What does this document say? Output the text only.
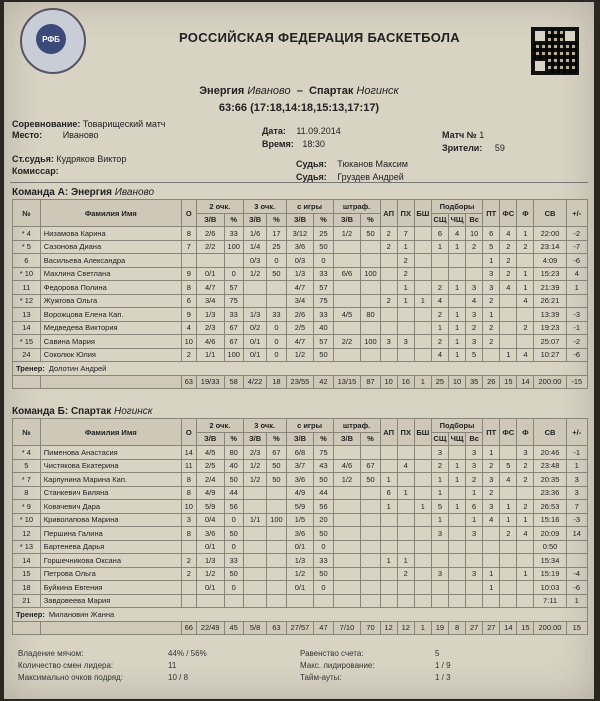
РФБ	РОССИЙСКАЯ ФЕДЕРАЦИЯ БАСКЕТБОЛА
Энергия Иваново – Спартак Ногинск
63:66 (17:18,14:18,15:13,17:17)
Соревнование: Товарищеский матч
Место: Иваново	Дата: 11.09.2014
Время: 18:30
Матч № 1
Зрители: 59
Ст.судья: Кудряков Виктор
Комиссар:
Судья: Тюканов Максим
Судья: Груздев Андрей
Команда А: Энергия Иваново
№	Фамилия Имя	О	2 очк.		3 очк.		с игры		штраф.		АП	ПХ	БШ	Подборы			ПТ	ФС	Ф	СВ	+/-
			З/В	%	З/В	%	З/В	%	З/В	%				СЩ	ЧЩ	Вс					
* 4	Низамова Карина	8	2/6	33	1/6	17	3/12	25	1/2	50	2	7		6	4	10	6	4	1	22:00	-2
* 5	Сазонова Диана	7	2/2	100	1/4	25	3/6	50			2	1		1	1	2	5	2	2	23:14	-7
6	Васильева Александра				0/3	0	0/3	0				2					1	2		4:09	-6
* 10	Махлина Светлана	9	0/1	0	1/2	50	1/3	33	6/6	100		2					3	2	1	15:23	4
11	Федорова Полина	8	4/7	57			4/7	57				1		2	1	3	3	4	1	21:39	1
* 12	Жужгова Ольга	6	3/4	75			3/4	75			2	1	1	4		4	2		4	26:21	
13	Ворожцова Елена Кап.	9	1/3	33	1/3	33	2/6	33	4/5	80				2	1	3	1			13:39	-3
14	Медведева Виктория	4	2/3	67	0/2	0	2/5	40						1	1	2	2		2	19:23	-1
* 15	Савина Мария	10	4/6	67	0/1	0	4/7	57	2/2	100	3	3		2	1	3	2			25:07	-2
24	Соколюк Юлия	2	1/1	100	0/1	0	1/2	50						4	1	5		1	4	10:27	-6
Тренер: Долотин Андрей																					
		63	19/33	58	4/22	18	23/55	42	13/15	87	10	16	1	25	10	35	26	15	14	200:00	-15
Команда Б: Спартак Ногинск
№	Фамилия Имя	О	2 очк.		3 очк.		с игры		штраф.		АП	ПХ	БШ	Подборы			ПТ	ФС	Ф	СВ	+/-
			З/В	%	З/В	%	З/В	%	З/В	%				СЩ	ЧЩ	Вс					
* 4	Пименова Анастасия	14	4/5	80	2/3	67	6/8	75						3		3	1		3	20:46	-1
5	Чистякова Екатерина	11	2/5	40	1/2	50	3/7	43	4/6	67		4		2	1	3	2	5	2	23:48	1
* 7	Карпунина Марина Кап.	8	2/4	50	1/2	50	3/6	50	1/2	50	1			1	1	2	3	4	2	20:35	3
8	Станкевич Биляна	8	4/9	44			4/9	44			6	1		1		1	2			23:36	3
* 9	Ковачевич Дара	10	5/9	56			5/9	56			1		1	5	1	6	3	1	2	26:53	7
* 10	Криволапова Марина	3	0/4	0	1/1	100	1/5	20						1		1	4	1	1	15:16	-3
12	Першина Галина	8	3/6	50			3/6	50						3		3		2	4	20:09	14
* 13	Бартенева Дарья		0/1	0			0/1	0												0:50	
14	Горшечникова Оксана	2	1/3	33			1/3	33			1	1								15:34	
15	Петрова Ольга	2	1/2	50			1/2	50				2		3		3	1		1	15:19	-4
18	Буйкина Евгения		0/1	0			0/1	0									1			10:03	-6
21	Завдовеева Мария																			7:11	1
Тренер: Милановин Жанна																					
		66	22/49	45	5/8	63	27/57	47	7/10	70	12	12	1	19	8	27	27	14	15	200:00	15
Владение мячом:	44% / 56%
Количество смен лидера:	11
Максимально очков подряд:	10 / 8
Равенство счета:	5
Макс. лидирование:	1 / 9
Тайм-ауты:	1 / 3
